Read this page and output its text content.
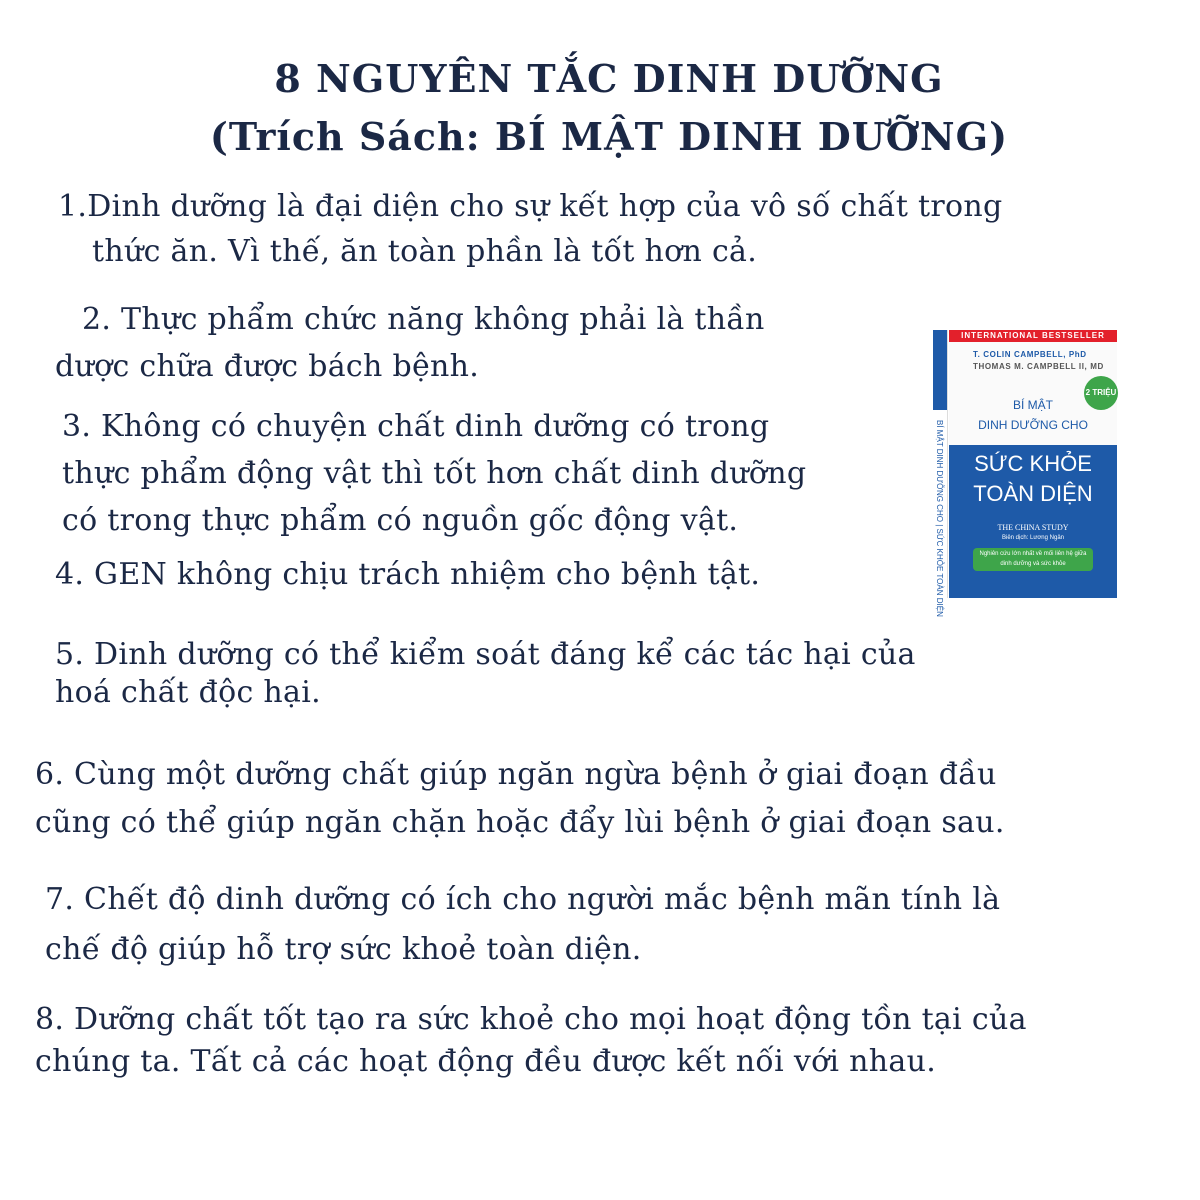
8 NGUYÊN TẮC DINH DƯỠNG
(Trích Sách: BÍ MẬT DINH DƯỠNG)
1.Dinh dưỡng là đại diện cho sự kết hợp của vô số chất trong
thức ăn. Vì thế, ăn toàn phần là tốt hơn cả.
2. Thực phẩm chức năng không phải là thần
dược chữa được bách bệnh.
3. Không có chuyện chất dinh dưỡng có trong
thực phẩm động vật thì tốt hơn chất dinh dưỡng
có trong thực phẩm có nguồn gốc động vật.
4. GEN không chịu trách nhiệm cho bệnh tật.
5. Dinh dưỡng có thể kiểm soát đáng kể các tác hại của
hoá chất độc hại.
6. Cùng một dưỡng chất giúp ngăn ngừa bệnh ở giai đoạn đầu
cũng có thể giúp ngăn chặn hoặc đẩy lùi bệnh ở giai đoạn sau.
7. Chết độ dinh dưỡng có ích cho người mắc bệnh mãn tính là
chế độ giúp hỗ trợ sức khoẻ toàn diện.
8. Dưỡng chất tốt tạo ra sức khoẻ cho mọi hoạt động tồn tại của
chúng ta. Tất cả các hoạt động đều được kết nối với nhau.
BÍ MẬT DINH DƯỠNG CHO | SỨC KHỎE TOÀN DIỆN
INTERNATIONAL BESTSELLER
T. COLIN CAMPBELL, PhD
THOMAS M. CAMPBELL II, MD
2 TRIỆU
BÍ MẬT
DINH DƯỠNG CHO
SỨC KHỎE
TOÀN DIỆN
THE CHINA STUDY
Biên dịch: Lương Ngân
Nghiên cứu lớn nhất về mối liên hệ giữa dinh dưỡng và sức khỏe
